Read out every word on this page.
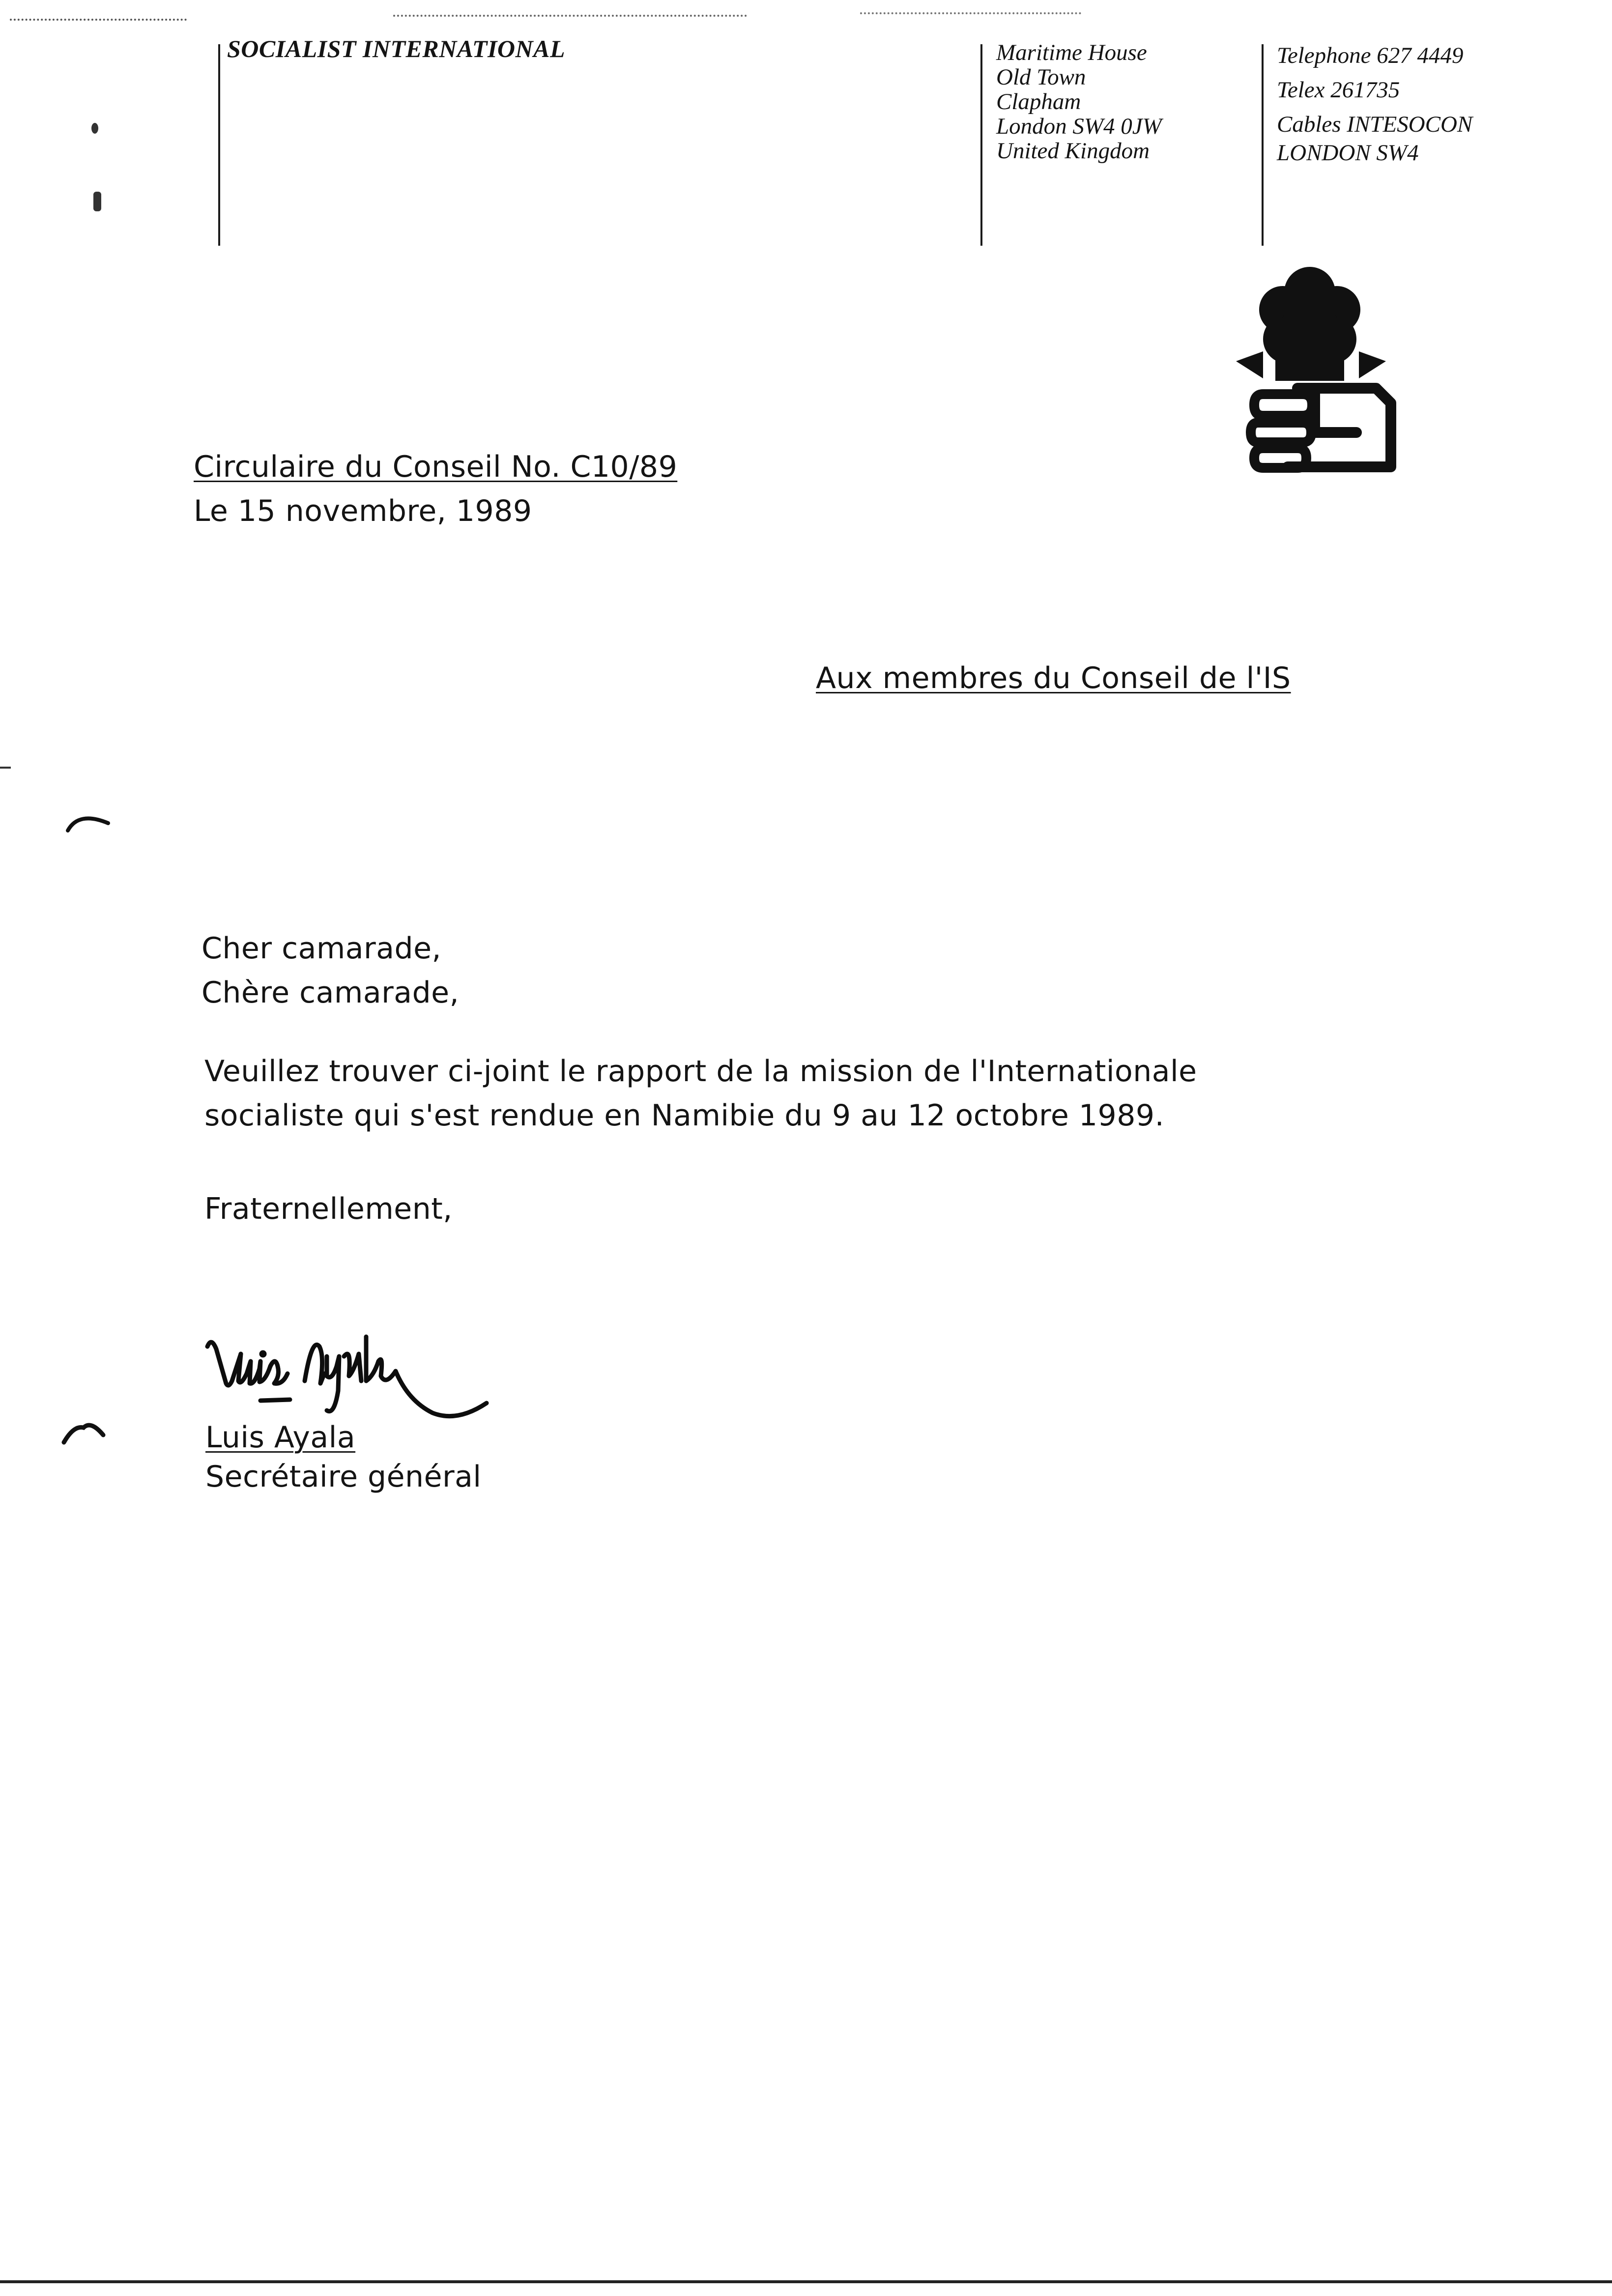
SOCIALIST INTERNATIONAL	Maritime House
Old Town
Clapham
London SW4 0JW
United Kingdom
Telephone 627 4449
Telex 261735
Cables INTESOCON
LONDON SW4
Circulaire du Conseil No. C10/89
Le 15 novembre, 1989
Aux membres du Conseil de l'IS
Cher camarade,
Chère camarade,
Veuillez trouver ci-joint le rapport de la mission de l'Internationale
socialiste qui s'est rendue en Namibie du 9 au 12 octobre 1989.
Fraternellement,
Luis Ayala
Secrétaire général
